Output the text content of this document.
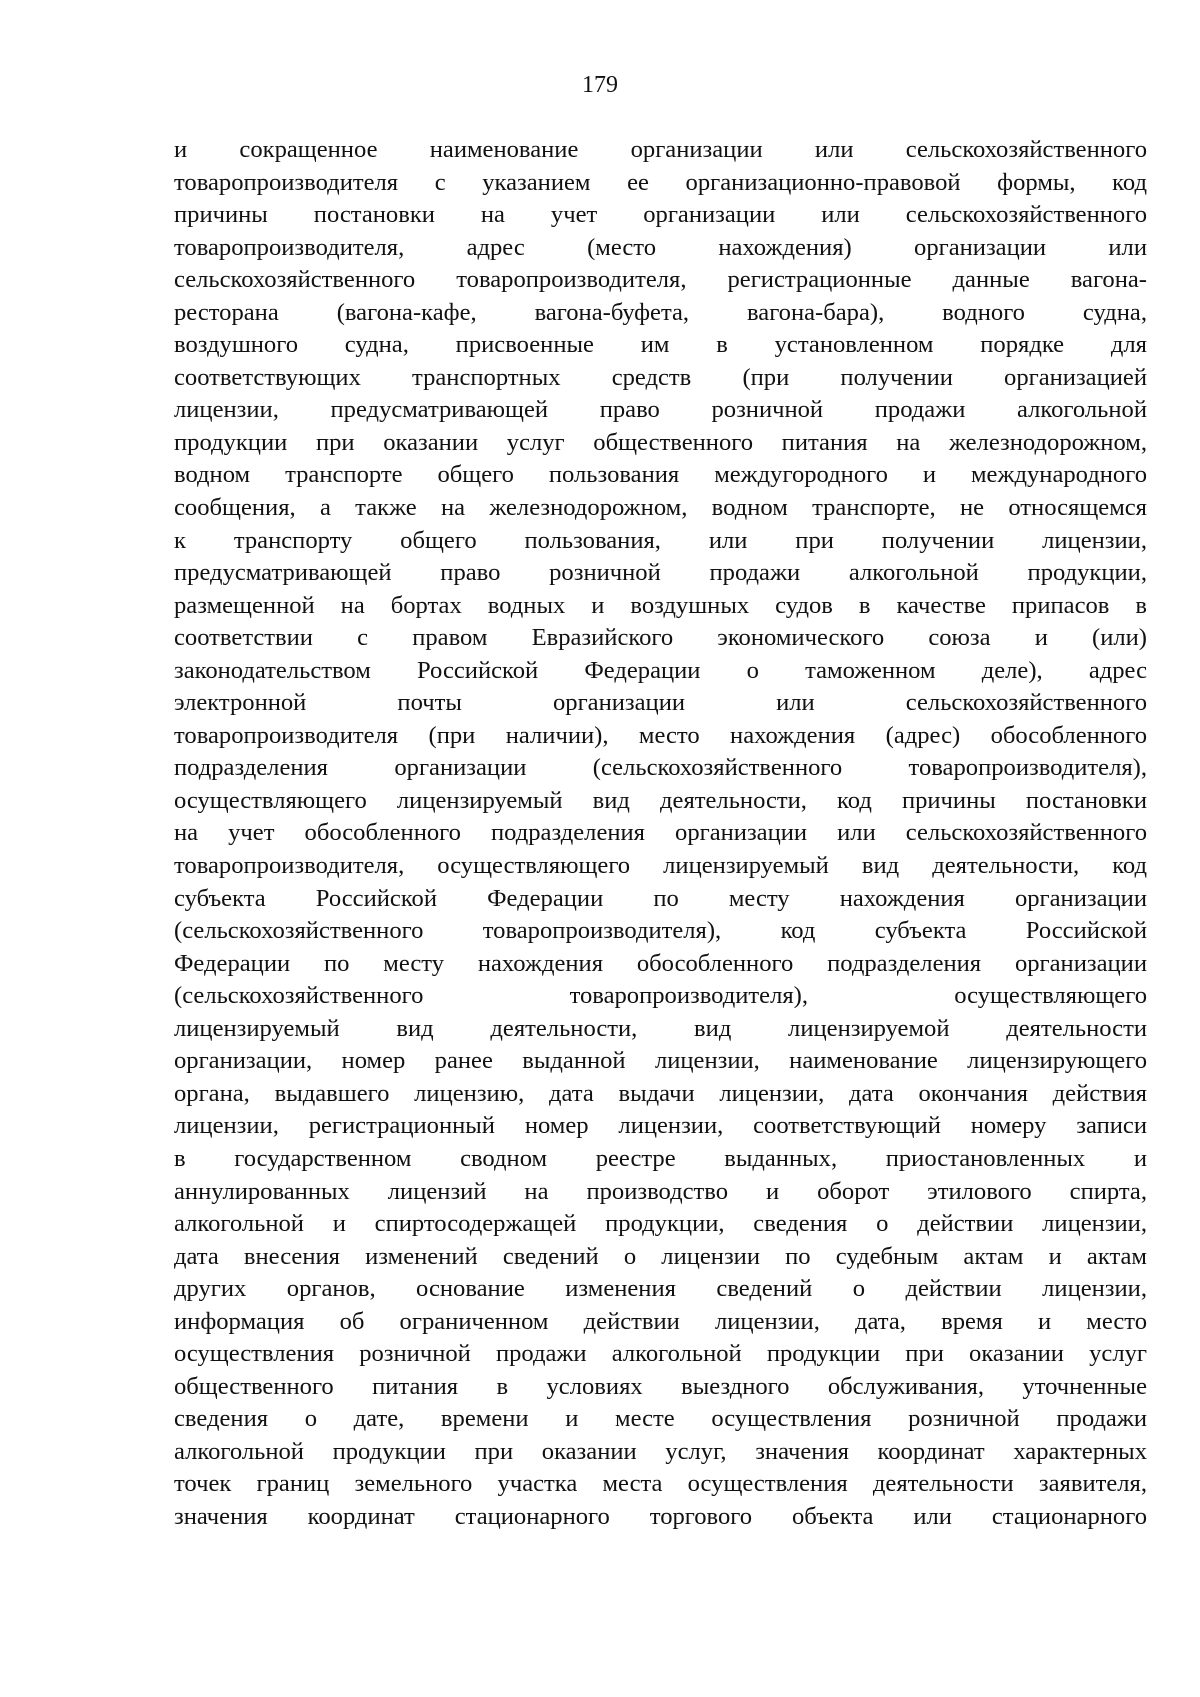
179
и сокращенное наименование организации или сельскохозяйственного
товаропроизводителя с указанием ее организационно-правовой формы, код
причины постановки на учет организации или сельскохозяйственного
товаропроизводителя, адрес (место нахождения) организации или
сельскохозяйственного товаропроизводителя, регистрационные данные вагона-
ресторана (вагона-кафе, вагона-буфета, вагона-бара), водного судна,
воздушного судна, присвоенные им в установленном порядке для
соответствующих транспортных средств (при получении организацией
лицензии, предусматривающей право розничной продажи алкогольной
продукции при оказании услуг общественного питания на железнодорожном,
водном транспорте общего пользования междугородного и международного
сообщения, а также на железнодорожном, водном транспорте, не относящемся
к транспорту общего пользования, или при получении лицензии,
предусматривающей право розничной продажи алкогольной продукции,
размещенной на бортах водных и воздушных судов в качестве припасов в
соответствии с правом Евразийского экономического союза и (или)
законодательством Российской Федерации о таможенном деле), адрес
электронной почты организации или сельскохозяйственного
товаропроизводителя (при наличии), место нахождения (адрес) обособленного
подразделения организации (сельскохозяйственного товаропроизводителя),
осуществляющего лицензируемый вид деятельности, код причины постановки
на учет обособленного подразделения организации или сельскохозяйственного
товаропроизводителя, осуществляющего лицензируемый вид деятельности, код
субъекта Российской Федерации по месту нахождения организации
(сельскохозяйственного товаропроизводителя), код субъекта Российской
Федерации по месту нахождения обособленного подразделения организации
(сельскохозяйственного товаропроизводителя), осуществляющего
лицензируемый вид деятельности, вид лицензируемой деятельности
организации, номер ранее выданной лицензии, наименование лицензирующего
органа, выдавшего лицензию, дата выдачи лицензии, дата окончания действия
лицензии, регистрационный номер лицензии, соответствующий номеру записи
в государственном сводном реестре выданных, приостановленных и
аннулированных лицензий на производство и оборот этилового спирта,
алкогольной и спиртосодержащей продукции, сведения о действии лицензии,
дата внесения изменений сведений о лицензии по судебным актам и актам
других органов, основание изменения сведений о действии лицензии,
информация об ограниченном действии лицензии, дата, время и место
осуществления розничной продажи алкогольной продукции при оказании услуг
общественного питания в условиях выездного обслуживания, уточненные
сведения о дате, времени и месте осуществления розничной продажи
алкогольной продукции при оказании услуг, значения координат характерных
точек границ земельного участка места осуществления деятельности заявителя,
значения координат стационарного торгового объекта или стационарного
